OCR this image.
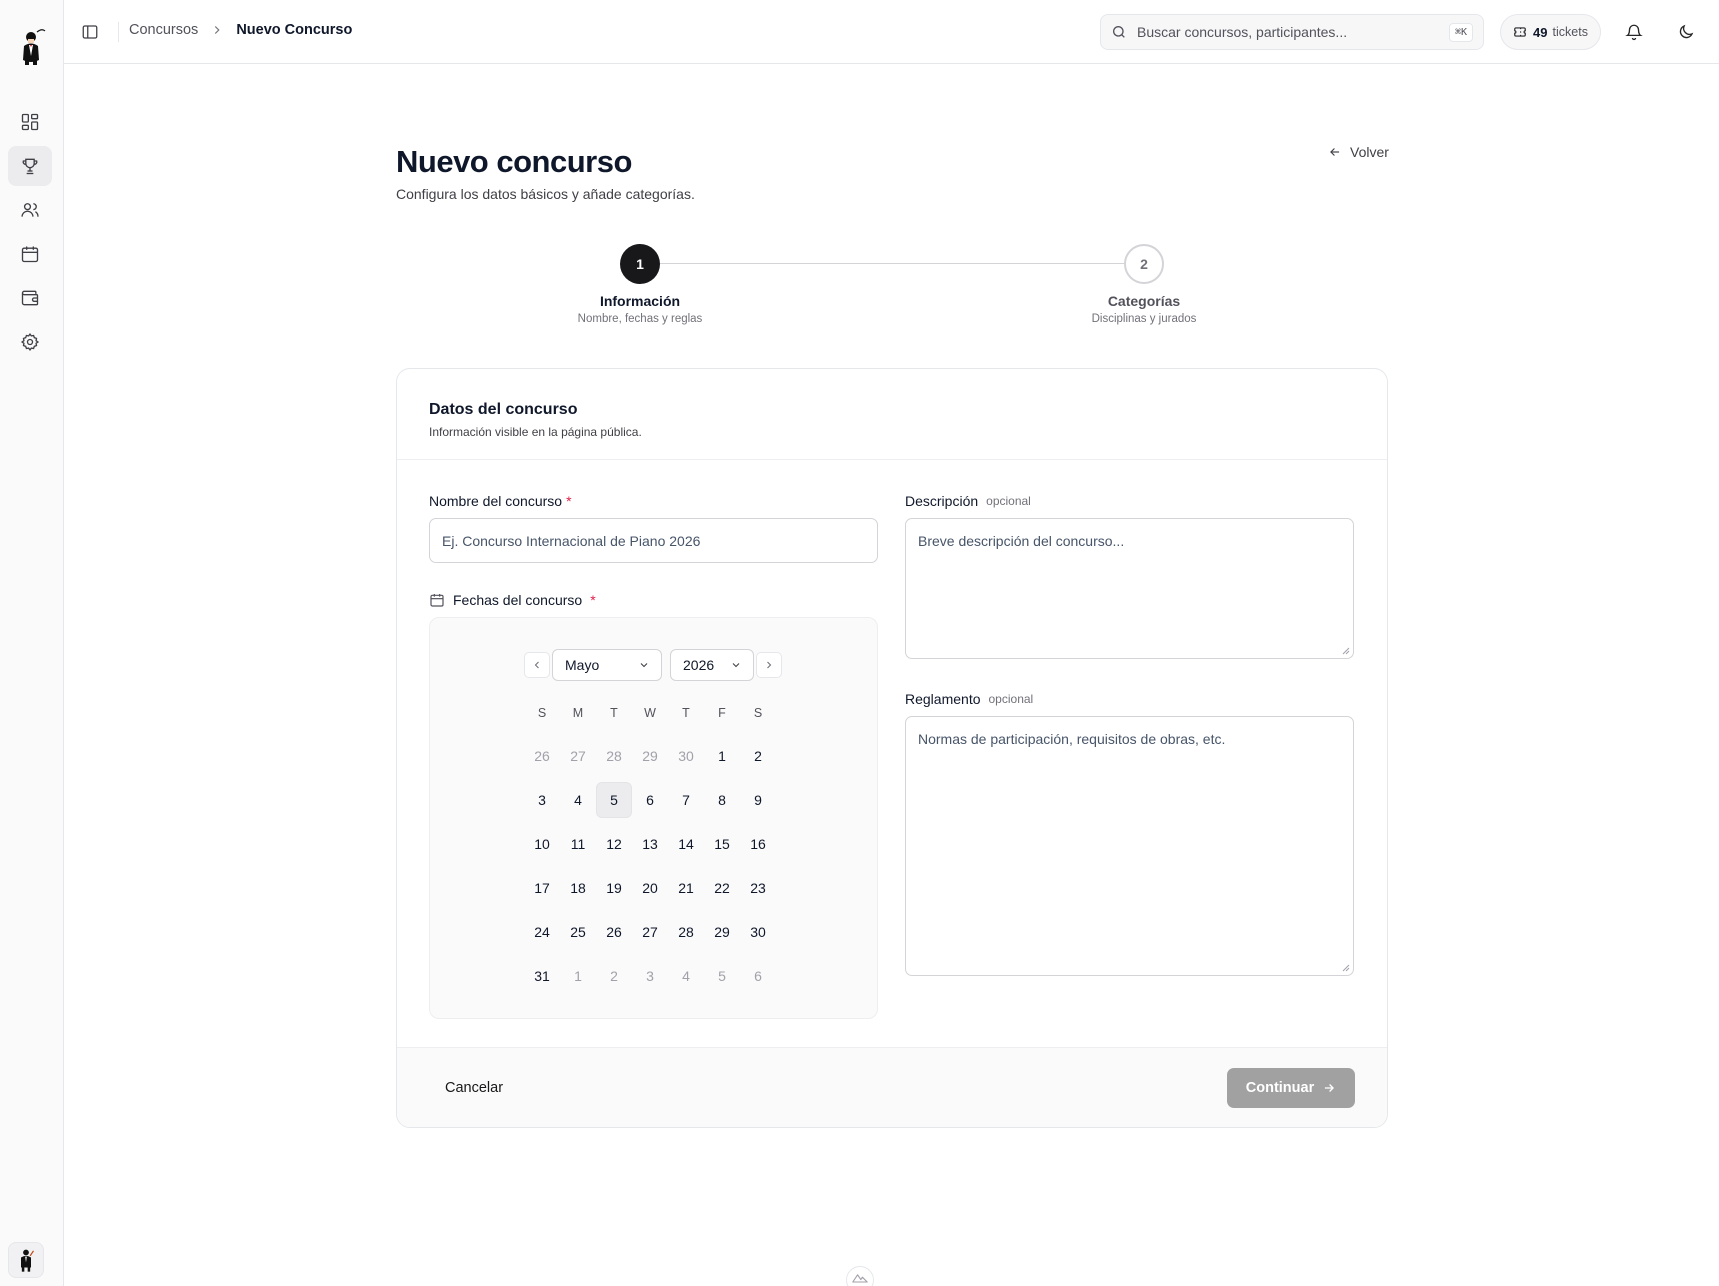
Concursos	Nuevo Concurso	Buscar concursos, participantes...	⌘K	49 tickets
Nuevo concurso

Configura los datos básicos y añade categorías.

Volver
1
Información
Nombre, fechas y reglas
2
Categorías
Disciplinas y jurados
Datos del concurso
Información visible en la página pública.
Nombre del concurso *
Ej. Concurso Internacional de Piano 2026
Fechas del concurso *
Mayo	2026
S	M	T	W	T	F	S
26	27	28	29	30	1	2
3	4	5	6	7	8	9
10	11	12	13	14	15	16
17	18	19	20	21	22	23
24	25	26	27	28	29	30
31	1	2	3	4	5	6
Descripción opcional
Breve descripción del concurso...
Reglamento opcional
Normas de participación, requisitos de obras, etc.
Cancelar	Continuar
